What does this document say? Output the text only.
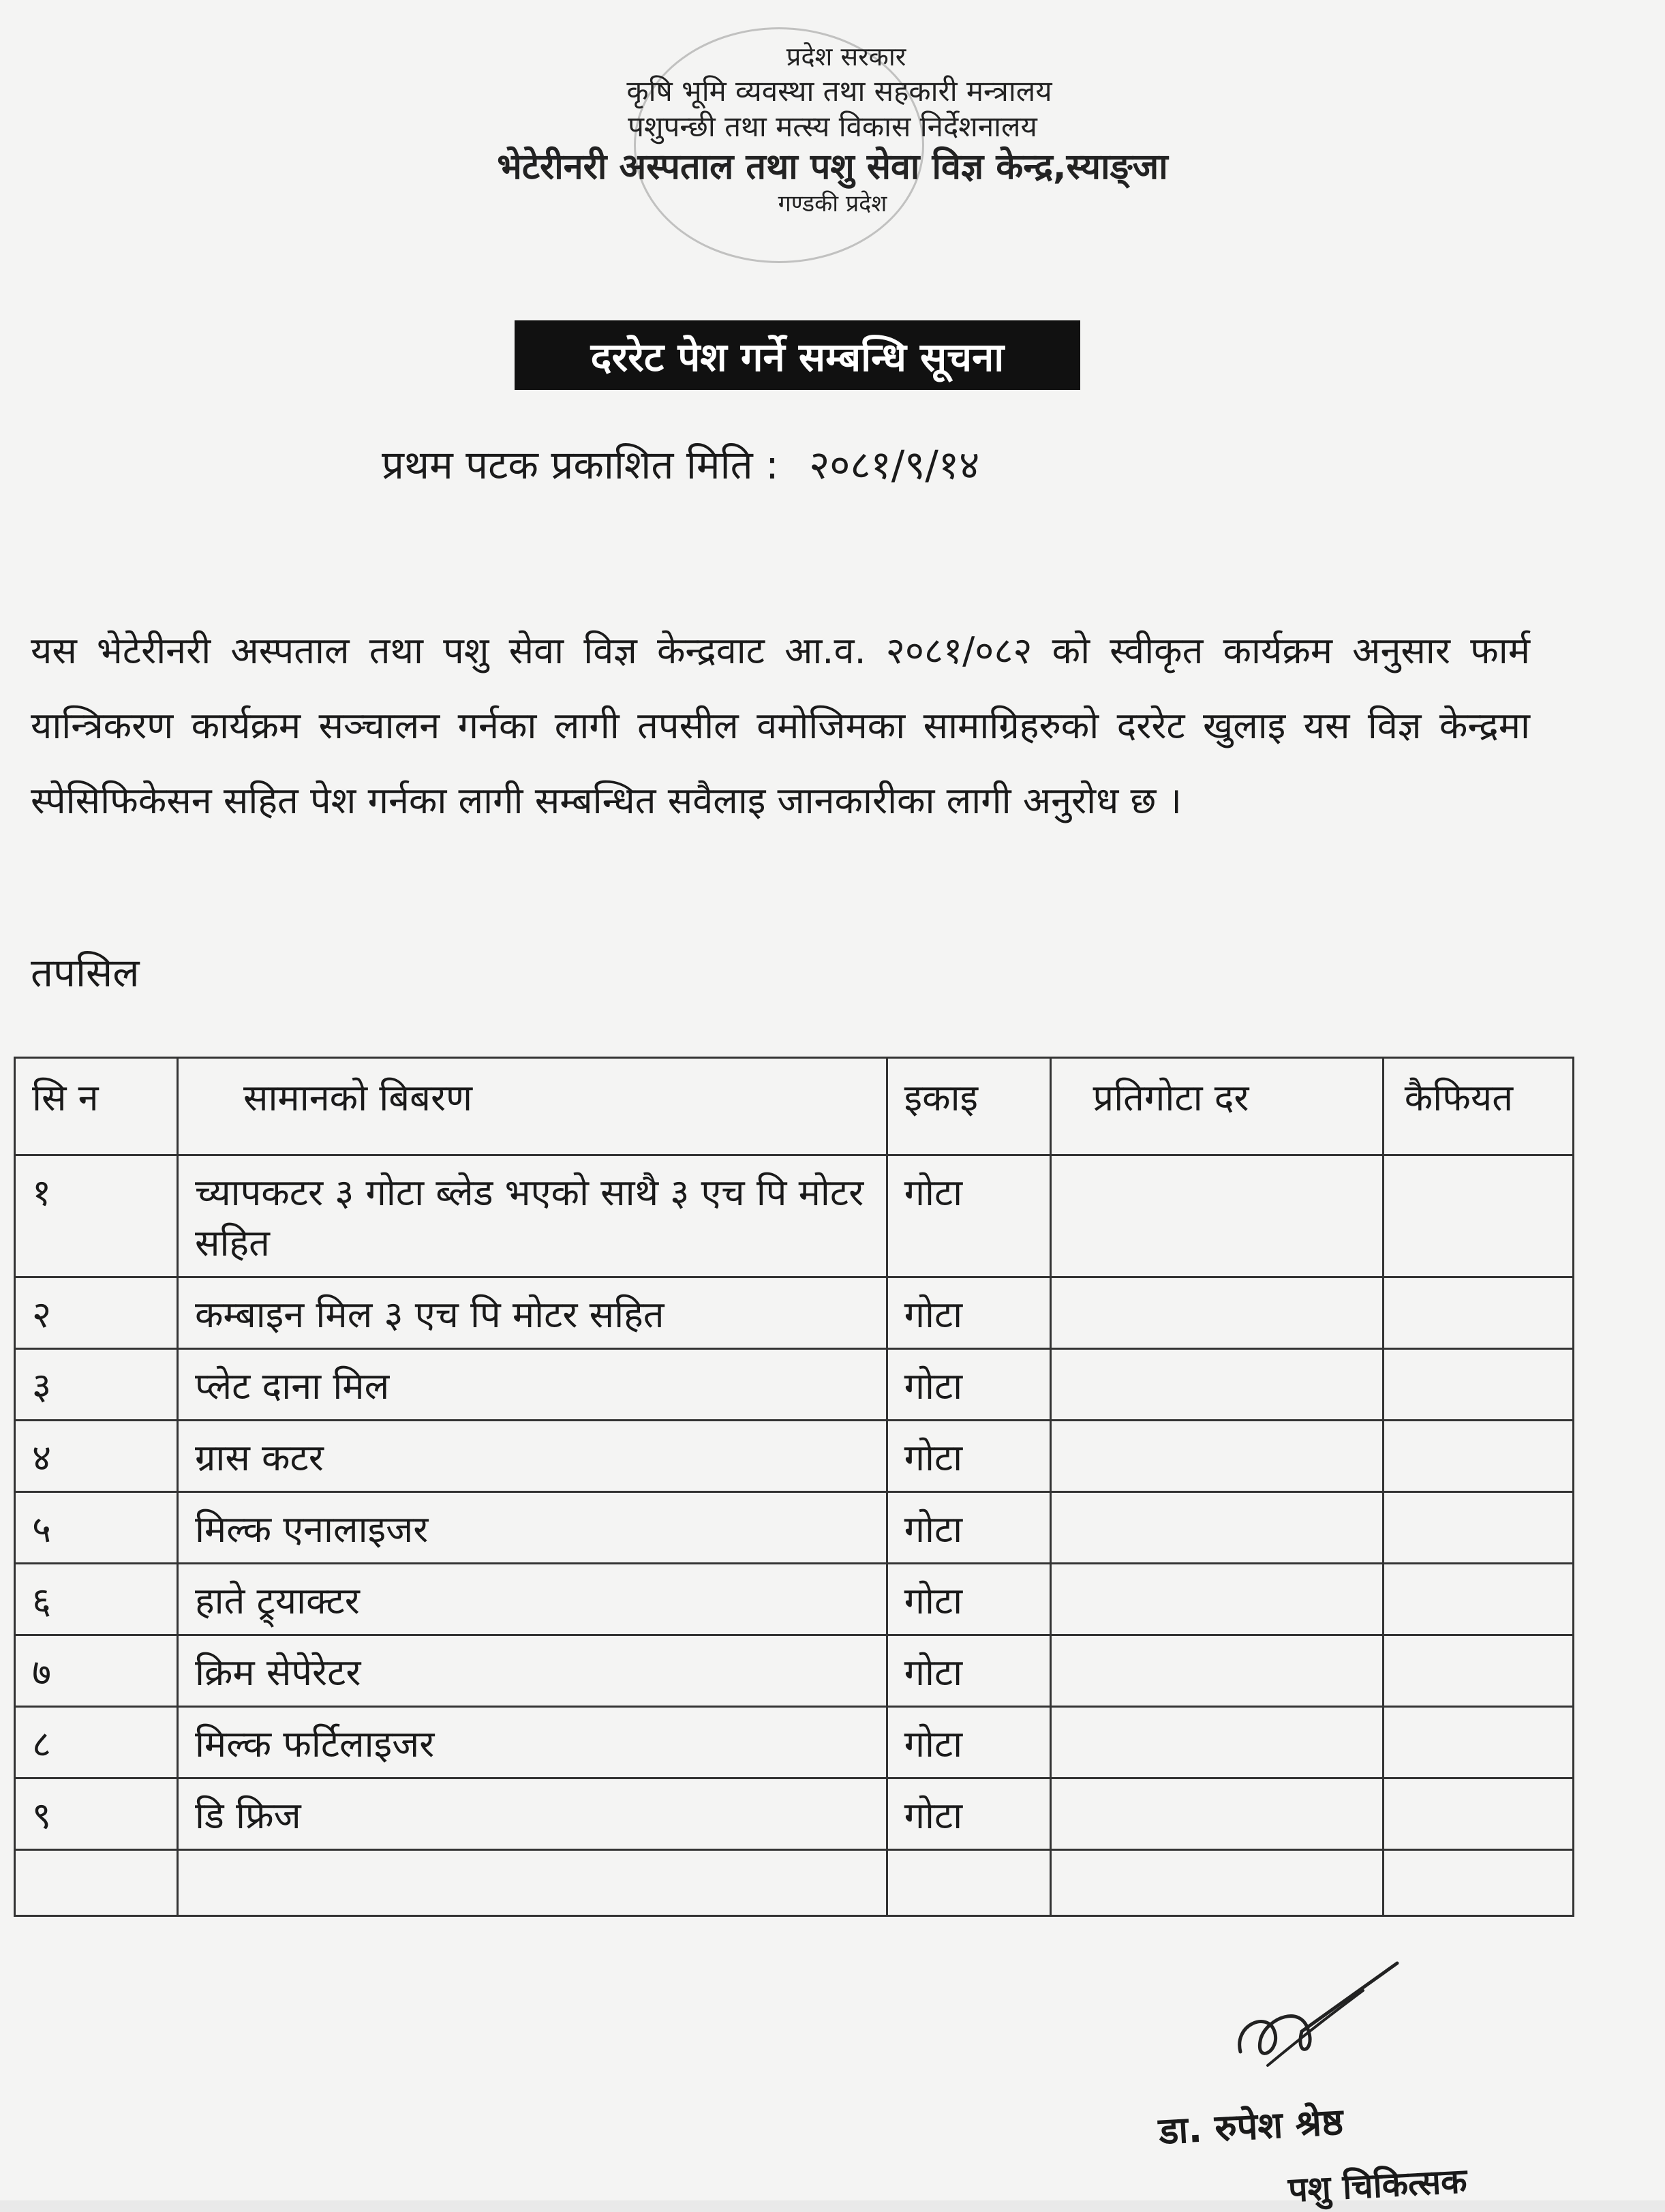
प्रदेश सरकार
कृषि भूमि व्यवस्था तथा सहकारी मन्त्रालय
पशुपन्छी तथा मत्स्य विकास निर्देशनालय
भेटेरीनरी अस्पताल तथा पशु सेवा विज्ञ केन्द्र,स्याङ्जा
गण्डकी प्रदेश
दररेट पेश गर्ने सम्बन्धि सूचना
प्रथम पटक प्रकाशित मिति : २०८१/९/१४
यस भेटेरीनरी अस्पताल तथा पशु सेवा विज्ञ केन्द्रवाट आ.व. २०८१/०८२ को स्वीकृत कार्यक्रम अनुसार फार्म यान्त्रिकरण कार्यक्रम सञ्चालन गर्नका लागी तपसील वमोजिमका सामाग्रिहरुको दररेट खुलाइ यस विज्ञ केन्द्रमा स्पेसिफिकेसन सहित पेश गर्नका लागी सम्बन्धित सवैलाइ जानकारीका लागी अनुरोध छ ।
तपसिल
सि न	सामानको बिबरण	इकाइ	प्रतिगोटा दर	कैफियत
१	च्यापकटर ३ गोटा ब्लेड भएको साथै ३ एच पि मोटर सहित	गोटा		
२	कम्बाइन मिल ३ एच पि मोटर सहित	गोटा		
३	प्लेट दाना मिल	गोटा		
४	ग्रास कटर	गोटा		
५	मिल्क एनालाइजर	गोटा		
६	हाते ट्र्याक्टर	गोटा		
७	क्रिम सेपेरेटर	गोटा		
८	मिल्क फर्टिलाइजर	गोटा		
९	डि फ्रिज	गोटा		

डा. रुपेश श्रेष्ठ
पशु चिकित्सक
